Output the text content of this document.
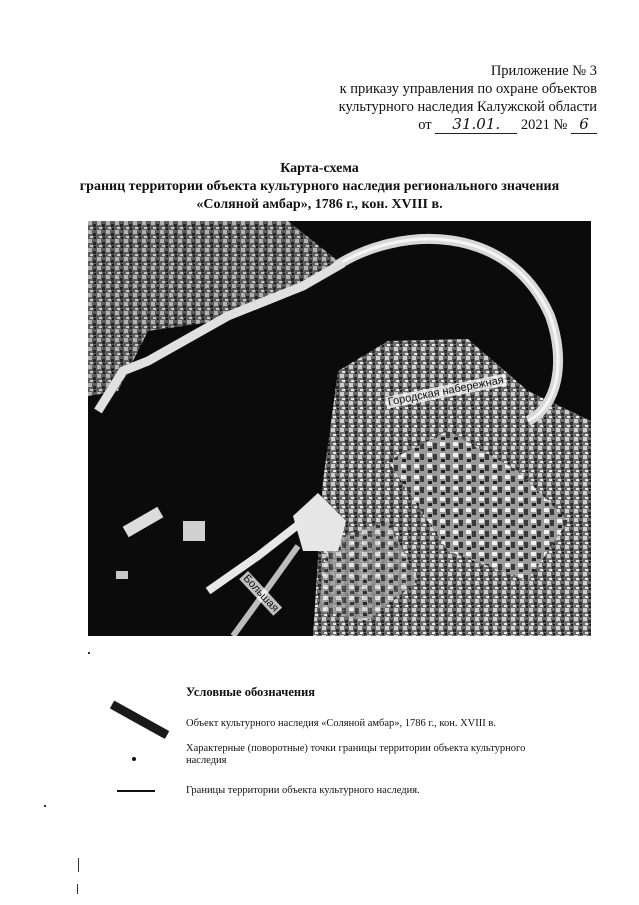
Приложение № 3
к приказу управления по охране объектов
культурного наследия Калужской области
от 31.01. 2021 № 6
Карта-схема
границ территории объекта культурного наследия регионального значения
«Соляной амбар», 1786 г., кон. XVIII в.
Городская набережная
Большая
Условные обозначения
Объект культурного наследия «Соляной амбар», 1786 г., кон. XVIII в.
Характерные (поворотные) точки границы территории объекта культурного наследия
Границы территории объекта культурного наследия.
